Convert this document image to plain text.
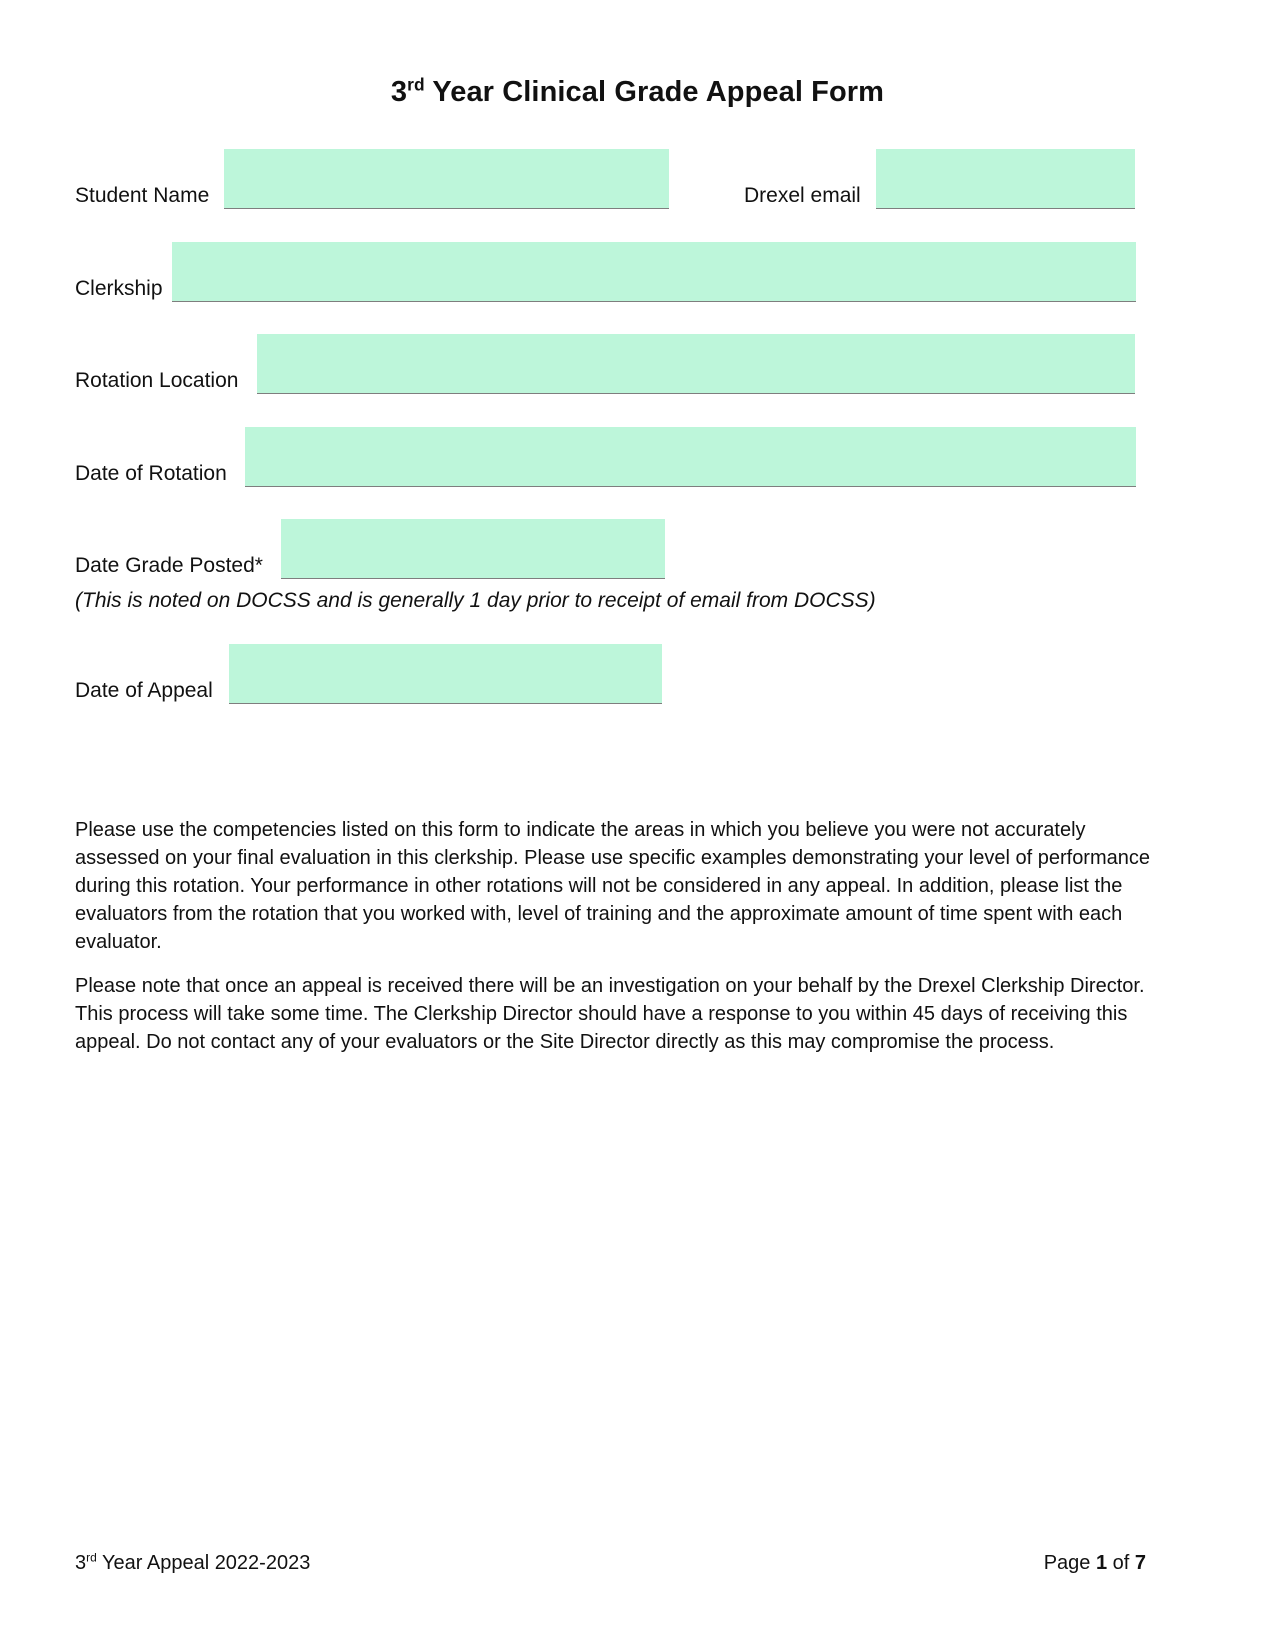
3rd Year Clinical Grade Appeal Form
Student Name	Drexel email
Clerkship
Rotation Location
Date of Rotation
Date Grade Posted*
(This is noted on DOCSS and is generally 1 day prior to receipt of email from DOCSS)
Date of Appeal

Please use the competencies listed on this form to indicate the areas in which you believe you were not accurately assessed on your final evaluation in this clerkship. Please use specific examples demonstrating your level of performance during this rotation. Your performance in other rotations will not be considered in any appeal. In addition, please list the evaluators from the rotation that you worked with, level of training and the approximate amount of time spent with each evaluator.

Please note that once an appeal is received there will be an investigation on your behalf by the Drexel Clerkship Director. This process will take some time. The Clerkship Director should have a response to you within 45 days of receiving this appeal. Do not contact any of your evaluators or the Site Director directly as this may compromise the process.

3rd Year Appeal 2022-2023	Page 1 of 7
